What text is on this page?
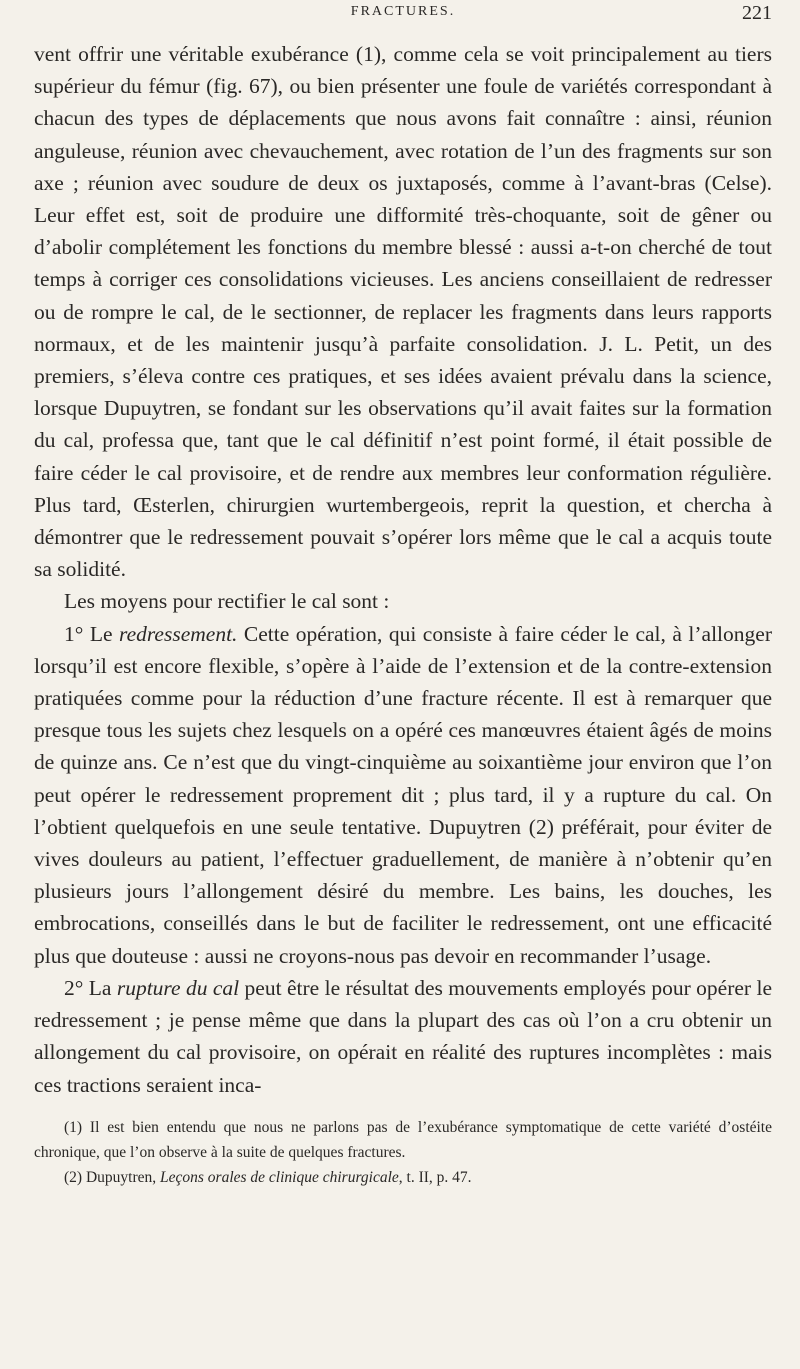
FRACTURES.	221

vent offrir une véritable exubérance (1), comme cela se voit principalement au tiers supérieur du fémur (fig. 67), ou bien présenter une foule de variétés correspondant à chacun des types de déplacements que nous avons fait connaître : ainsi, réunion anguleuse, réunion avec chevauchement, avec rotation de l’un des fragments sur son axe ; réunion avec soudure de deux os juxtaposés, comme à l’avant-bras (Celse). Leur effet est, soit de produire une difformité très-choquante, soit de gêner ou d’abolir complétement les fonctions du membre blessé : aussi a-t-on cherché de tout temps à corriger ces consolidations vicieuses. Les anciens conseillaient de redresser ou de rompre le cal, de le sectionner, de replacer les fragments dans leurs rapports normaux, et de les maintenir jusqu’à parfaite consolidation. J. L. Petit, un des premiers, s’éleva contre ces pratiques, et ses idées avaient prévalu dans la science, lorsque Dupuytren, se fondant sur les observations qu’il avait faites sur la formation du cal, professa que, tant que le cal définitif n’est point formé, il était possible de faire céder le cal provisoire, et de rendre aux membres leur conformation régulière. Plus tard, Œsterlen, chirurgien wurtembergeois, reprit la question, et chercha à démontrer que le redressement pouvait s’opérer lors même que le cal a acquis toute sa solidité.

Les moyens pour rectifier le cal sont :

1° Le redressement. Cette opération, qui consiste à faire céder le cal, à l’allonger lorsqu’il est encore flexible, s’opère à l’aide de l’extension et de la contre-extension pratiquées comme pour la réduction d’une fracture récente. Il est à remarquer que presque tous les sujets chez lesquels on a opéré ces manœuvres étaient âgés de moins de quinze ans. Ce n’est que du vingt-cinquième au soixantième jour environ que l’on peut opérer le redressement proprement dit ; plus tard, il y a rupture du cal. On l’obtient quelquefois en une seule tentative. Dupuytren (2) préférait, pour éviter de vives douleurs au patient, l’effectuer graduellement, de manière à n’obtenir qu’en plusieurs jours l’allongement désiré du membre. Les bains, les douches, les embrocations, conseillés dans le but de faciliter le redressement, ont une efficacité plus que douteuse : aussi ne croyons-nous pas devoir en recommander l’usage.

2° La rupture du cal peut être le résultat des mouvements employés pour opérer le redressement ; je pense même que dans la plupart des cas où l’on a cru obtenir un allongement du cal provisoire, on opérait en réalité des ruptures incomplètes : mais ces tractions seraient inca-

(1) Il est bien entendu que nous ne parlons pas de l’exubérance symptomatique de cette variété d’ostéite chronique, que l’on observe à la suite de quelques fractures.

(2) Dupuytren, Leçons orales de clinique chirurgicale, t. II, p. 47.
